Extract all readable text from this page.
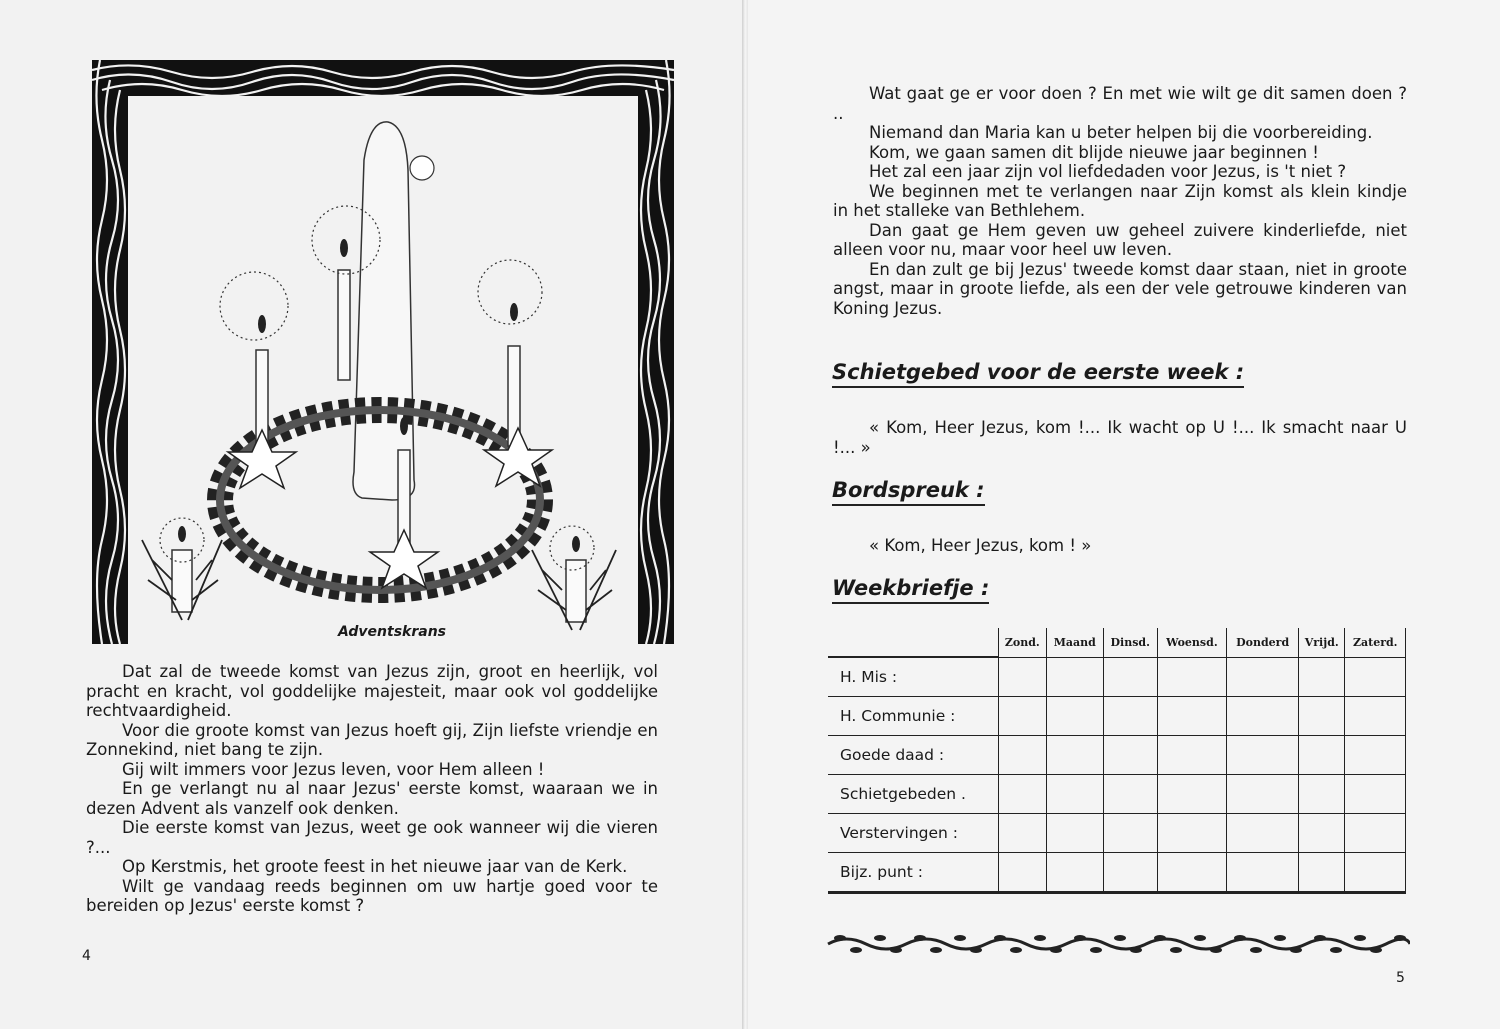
Adventskrans

Dat zal de tweede komst van Jezus zijn, groot en heerlijk, vol pracht en kracht, vol goddelijke majesteit, maar ook vol goddelijke rechtvaardigheid.

Voor die groote komst van Jezus hoeft gij, Zijn liefste vriendje en Zonnekind, niet bang te zijn.

Gij wilt immers voor Jezus leven, voor Hem alleen !

En ge verlangt nu al naar Jezus' eerste komst, waaraan we in dezen Advent als vanzelf ook denken.

Die eerste komst van Jezus, weet ge ook wanneer wij die vieren ?...

Op Kerstmis, het groote feest in het nieuwe jaar van de Kerk.

Wilt ge vandaag reeds beginnen om uw hartje goed voor te bereiden op Jezus' eerste komst ?

4

Wat gaat ge er voor doen ? En met wie wilt ge dit samen doen ? ..

Niemand dan Maria kan u beter helpen bij die voorbereiding.

Kom, we gaan samen dit blijde nieuwe jaar beginnen !

Het zal een jaar zijn vol liefdedaden voor Jezus, is 't niet ?

We beginnen met te verlangen naar Zijn komst als klein kindje in het stalleke van Bethlehem.

Dan gaat ge Hem geven uw geheel zuivere kinderliefde, niet alleen voor nu, maar voor heel uw leven.

En dan zult ge bij Jezus' tweede komst daar staan, niet in groote angst, maar in groote liefde, als een der vele getrouwe kinderen van Koning Jezus.

Schietgebed voor de eerste week :
« Kom, Heer Jezus, kom !... Ik wacht op U !... Ik smacht naar U !... »
Bordspreuk :
« Kom, Heer Jezus, kom ! »
Weekbriefje :
	Zond.	Maand	Dinsd.	Woensd.	Donderd	Vrijd.	Zaterd.
H. Mis :							
H. Communie :							
Goede daad :							
Schietgebeden .							
Verstervingen :							
Bijz. punt :							
5
